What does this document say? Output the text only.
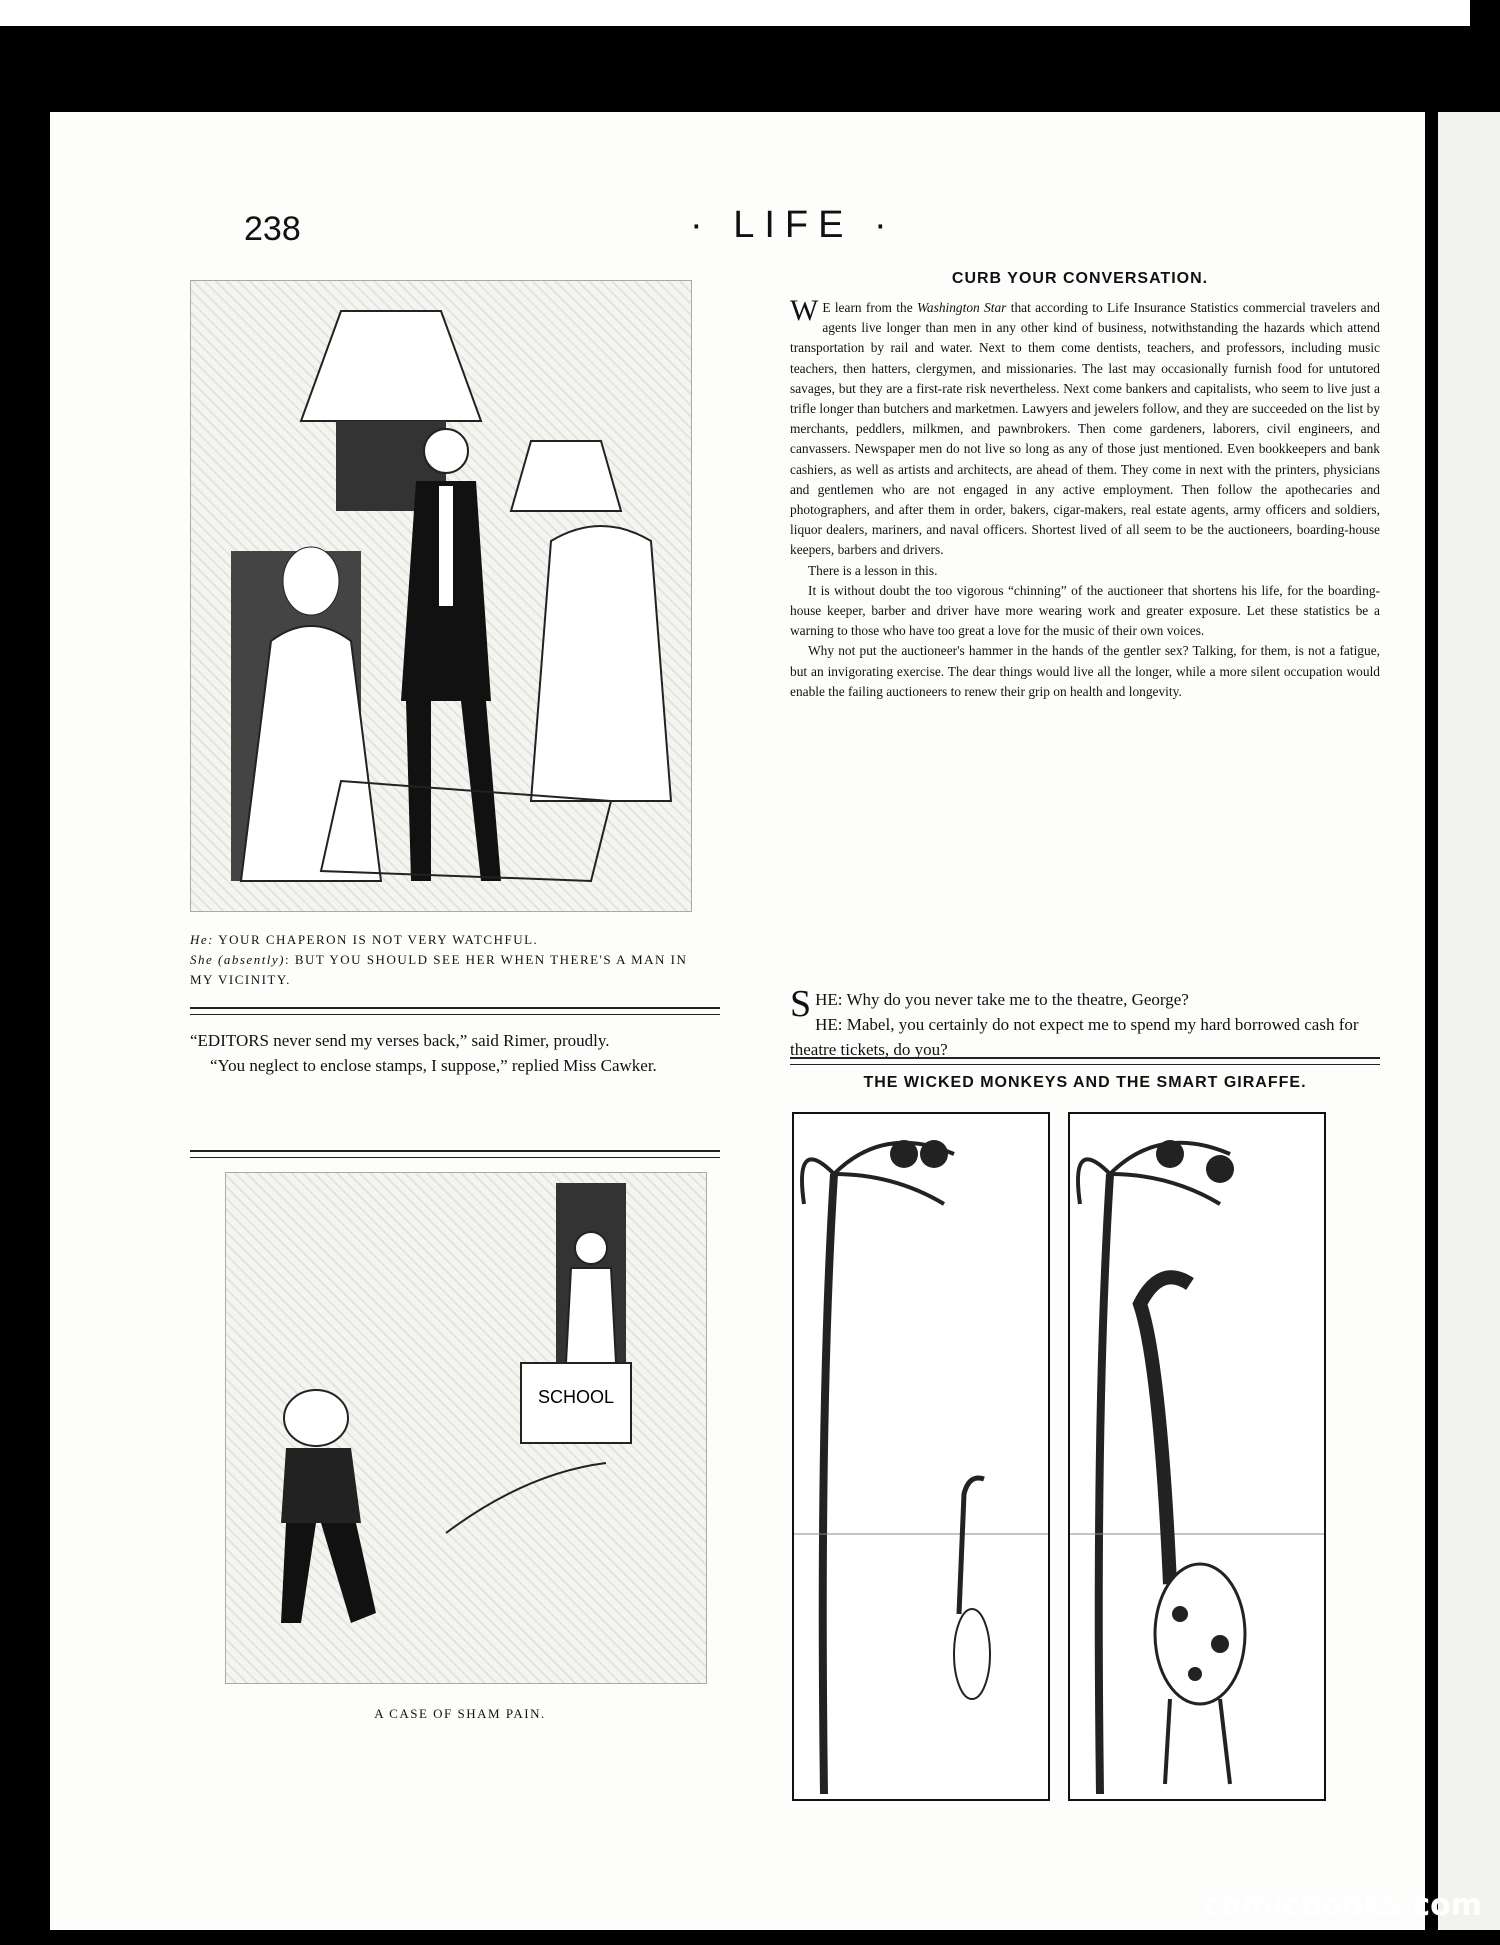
238	· LIFE ·
He: YOUR CHAPERON IS NOT VERY WATCHFUL.
She (absently): BUT YOU SHOULD SEE HER WHEN THERE'S A MAN IN MY VICINITY.
“EDITORS never send my verses back,” said Rimer, proudly.
“You neglect to enclose stamps, I suppose,” replied Miss Cawker.
SCHOOL
A CASE OF SHAM PAIN.
CURB YOUR CONVERSATION.

W E learn from the Washington Star that according to Life Insurance Statistics commercial travelers and agents live longer than men in any other kind of business, notwithstanding the hazards which attend transportation by rail and water. Next to them come dentists, teachers, and professors, including music teachers, then hatters, clergymen, and missionaries. The last may occasionally furnish food for untutored savages, but they are a first-rate risk nevertheless. Next come bankers and capitalists, who seem to live just a trifle longer than butchers and marketmen. Lawyers and jewelers follow, and they are succeeded on the list by merchants, peddlers, milkmen, and pawnbrokers. Then come gardeners, laborers, civil engineers, and canvassers. Newspaper men do not live so long as any of those just mentioned. Even bookkeepers and bank cashiers, as well as artists and architects, are ahead of them. They come in next with the printers, physicians and gentlemen who are not engaged in any active employment. Then follow the apothecaries and photographers, and after them in order, bakers, cigar-makers, real estate agents, army officers and soldiers, liquor dealers, mariners, and naval officers. Shortest lived of all seem to be the auctioneers, boarding-house keepers, barbers and drivers.

There is a lesson in this.

It is without doubt the too vigorous “chinning” of the auctioneer that shortens his life, for the boarding-house keeper, barber and driver have more wearing work and greater exposure. Let these statistics be a warning to those who have too great a love for the music of their own voices.

Why not put the auctioneer's hammer in the hands of the gentler sex? Talking, for them, is not a fatigue, but an invigorating exercise. The dear things would live all the longer, while a more silent occupation would enable the failing auctioneers to renew their grip on health and longevity.

SHE: Why do you never take me to the theatre, George?
HE: Mabel, you certainly do not expect me to spend my hard borrowed cash for theatre tickets, do you?
THE WICKED MONKEYS AND THE SMART GIRAFFE.
comicbooks.com
